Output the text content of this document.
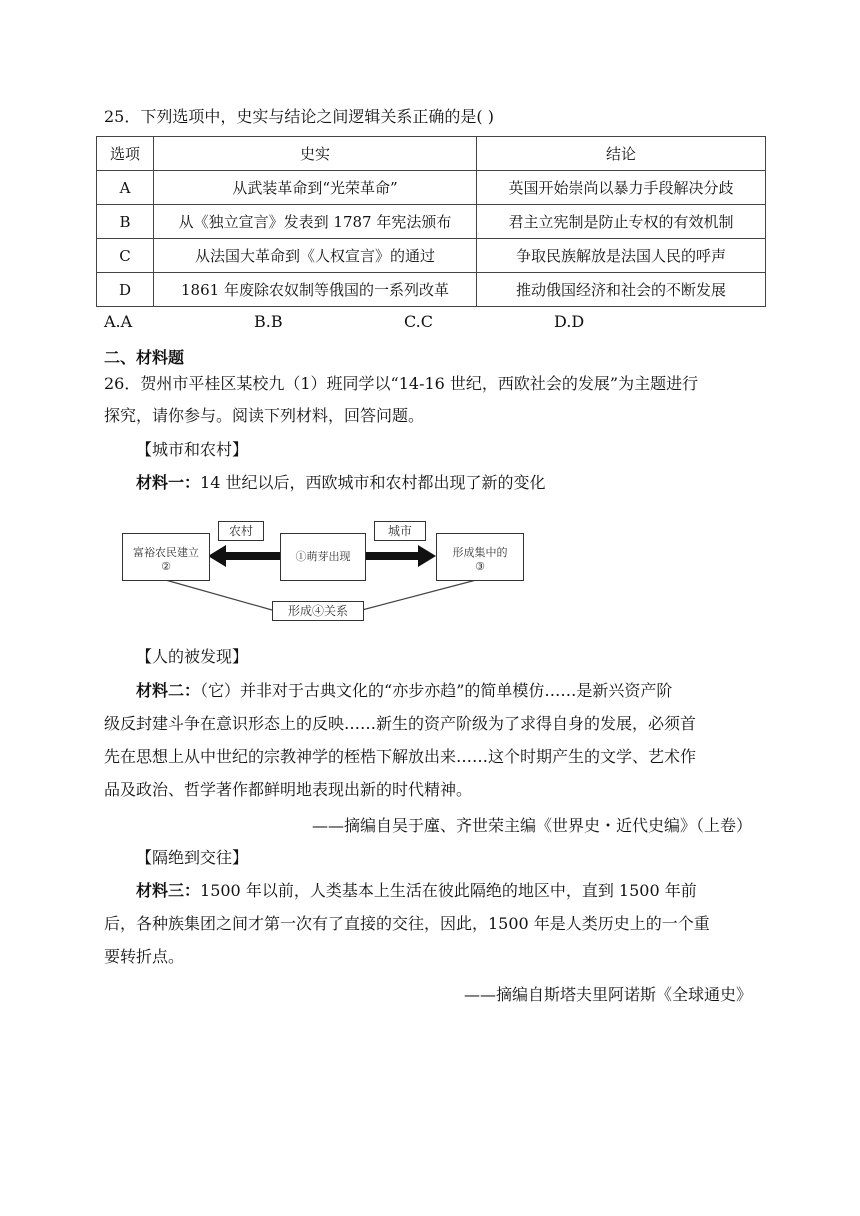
25．下列选项中，史实与结论之间逻辑关系正确的是( )
选项	史实	结论
A	从武装革命到“光荣革命”	英国开始崇尚以暴力手段解决分歧
B	从《独立宣言》发表到 1787 年宪法颁布	君主立宪制是防止专权的有效机制
C	从法国大革命到《人权宣言》的通过	争取民族解放是法国人民的呼声
D	1861 年废除农奴制等俄国的一系列改革	推动俄国经济和社会的不断发展
A.A	B.B	C.C	D.D
二、材料题
26．贺州市平桂区某校九（1）班同学以“14-16 世纪，西欧社会的发展”为主题进行
探究，请你参与。阅读下列材料，回答问题。
【城市和农村】
材料一：14 世纪以后，西欧城市和农村都出现了新的变化
富裕农民建立
②
①萌芽出现	形成集中的
③
农村	城市
形成④关系
【人的被发现】
材料二：（它）并非对于古典文化的“亦步亦趋”的简单模仿……是新兴资产阶
级反封建斗争在意识形态上的反映……新生的资产阶级为了求得自身的发展，必须首
先在思想上从中世纪的宗教神学的桎梏下解放出来……这个时期产生的文学、艺术作
品及政治、哲学著作都鲜明地表现出新的时代精神。
——摘编自吴于廑、齐世荣主编《世界史・近代史编》（上卷）
【隔绝到交往】
材料三：1500 年以前，人类基本上生活在彼此隔绝的地区中，直到 1500 年前
后，各种族集团之间才第一次有了直接的交往，因此，1500 年是人类历史上的一个重
要转折点。
——摘编自斯塔夫里阿诺斯《全球通史》
